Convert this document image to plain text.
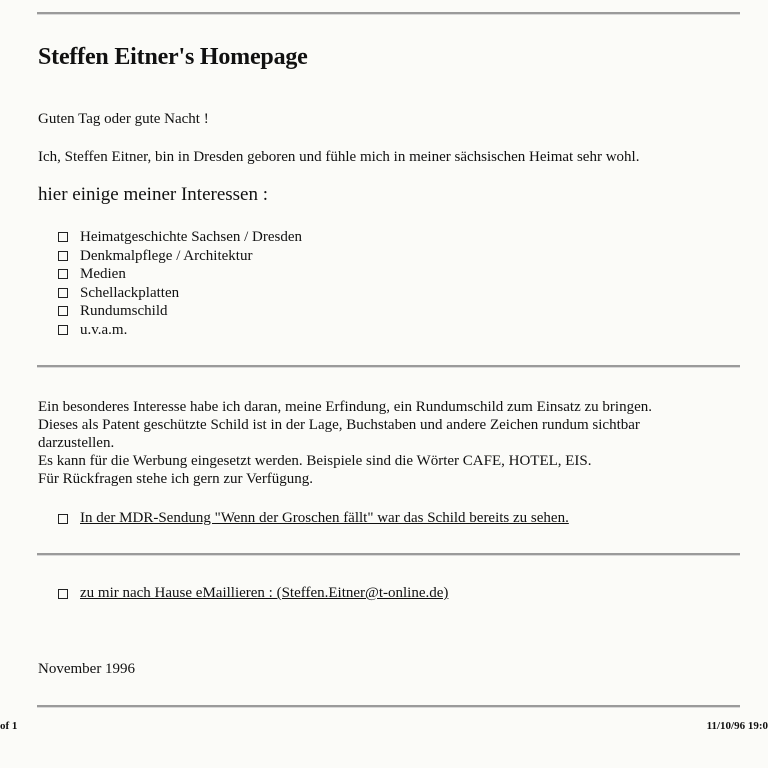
Steffen Eitner's Homepage
Guten Tag oder gute Nacht !
Ich, Steffen Eitner, bin in Dresden geboren und fühle mich in meiner sächsischen Heimat sehr wohl.
hier einige meiner Interessen :
Heimatgeschichte Sachsen / Dresden
Denkmalpflege / Architektur
Medien
Schellackplatten
Rundumschild
u.v.a.m.
Ein besonderes Interesse habe ich daran, meine Erfindung, ein Rundumschild zum Einsatz zu bringen.
Dieses als Patent geschützte Schild ist in der Lage, Buchstaben und andere Zeichen rundum sichtbar
darzustellen.
Es kann für die Werbung eingesetzt werden. Beispiele sind die Wörter CAFE, HOTEL, EIS.
Für Rückfragen stehe ich gern zur Verfügung.
In der MDR-Sendung "Wenn der Groschen fällt" war das Schild bereits zu sehen.
zu mir nach Hause eMaillieren : (Steffen.Eitner@t-online.de)
November 1996
of 1	11/10/96 19:0
